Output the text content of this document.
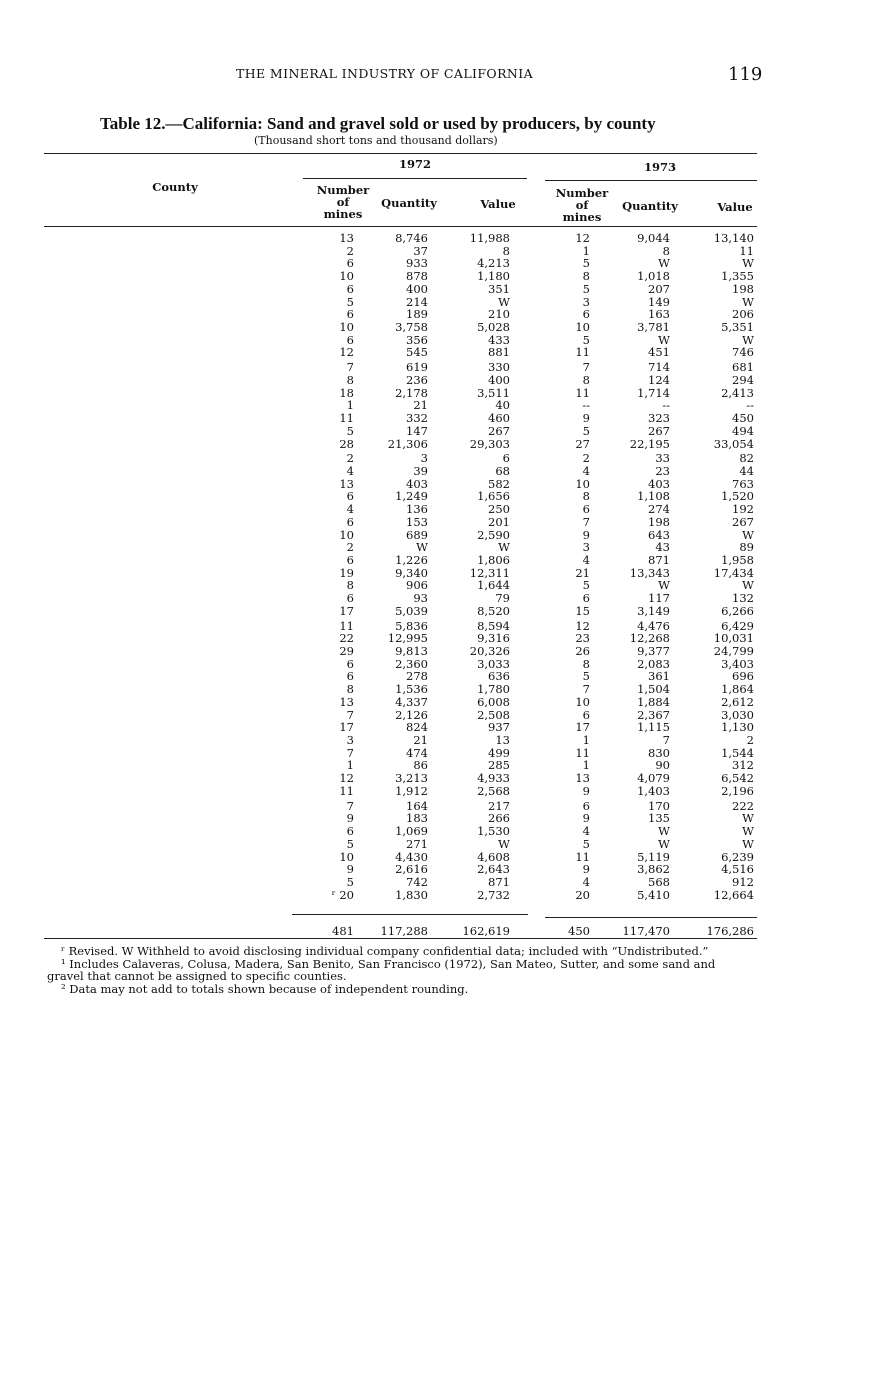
THE MINERAL INDUSTRY OF CALIFORNIA	119
Table 12.—California: Sand and gravel sold or used by producers, by county
(Thousand short tons and thousand dollars)
County
1972	1973
Number
of
mines
Quantity	Value
Number
of
mines
Quantity	Value
13	8,746	11,988	12	9,044	13,140
2	37	8	1	8	11
6	933	4,213	5	W	W
10	878	1,180	8	1,018	1,355
6	400	351	5	207	198
5	214	W	3	149	W
6	189	210	6	163	206
10	3,758	5,028	10	3,781	5,351
6	356	433	5	W	W
12	545	881	11	451	746
7	619	330	7	714	681
8	236	400	8	124	294
18	2,178	3,511	11	1,714	2,413
1	21	40	--	--	--
11	332	460	9	323	450
5	147	267	5	267	494
28	21,306	29,303	27	22,195	33,054
2	3	6	2	33	82
4	39	68	4	23	44
13	403	582	10	403	763
6	1,249	1,656	8	1,108	1,520
4	136	250	6	274	192
6	153	201	7	198	267
10	689	2,590	9	643	W
2	W	W	3	43	89
6	1,226	1,806	4	871	1,958
19	9,340	12,311	21	13,343	17,434
8	906	1,644	5	W	W
6	93	79	6	117	132
17	5,039	8,520	15	3,149	6,266
11	5,836	8,594	12	4,476	6,429
22	12,995	9,316	23	12,268	10,031
29	9,813	20,326	26	9,377	24,799
6	2,360	3,033	8	2,083	3,403
6	278	636	5	361	696
8	1,536	1,780	7	1,504	1,864
13	4,337	6,008	10	1,884	2,612
7	2,126	2,508	6	2,367	3,030
17	824	937	17	1,115	1,130
3	21	13	1	7	2
7	474	499	11	830	1,544
1	86	285	1	90	312
12	3,213	4,933	13	4,079	6,542
11	1,912	2,568	9	1,403	2,196
7	164	217	6	170	222
9	183	266	9	135	W
6	1,069	1,530	4	W	W
5	271	W	5	W	W
10	4,430	4,608	11	5,119	6,239
9	2,616	2,643	9	3,862	4,516
5	742	871	4	568	912
ʳ 20	1,830	2,732	20	5,410	12,664
481	117,288	162,619	450	117,470	176,286

ʳ Revised. W Withheld to avoid disclosing individual company confidential data; included with “Undistributed.”

¹ Includes Calaveras, Colusa, Madera, San Benito, San Francisco (1972), San Mateo, Sutter, and some sand and gravel that cannot be assigned to specific counties.

² Data may not add to totals shown because of independent rounding.
